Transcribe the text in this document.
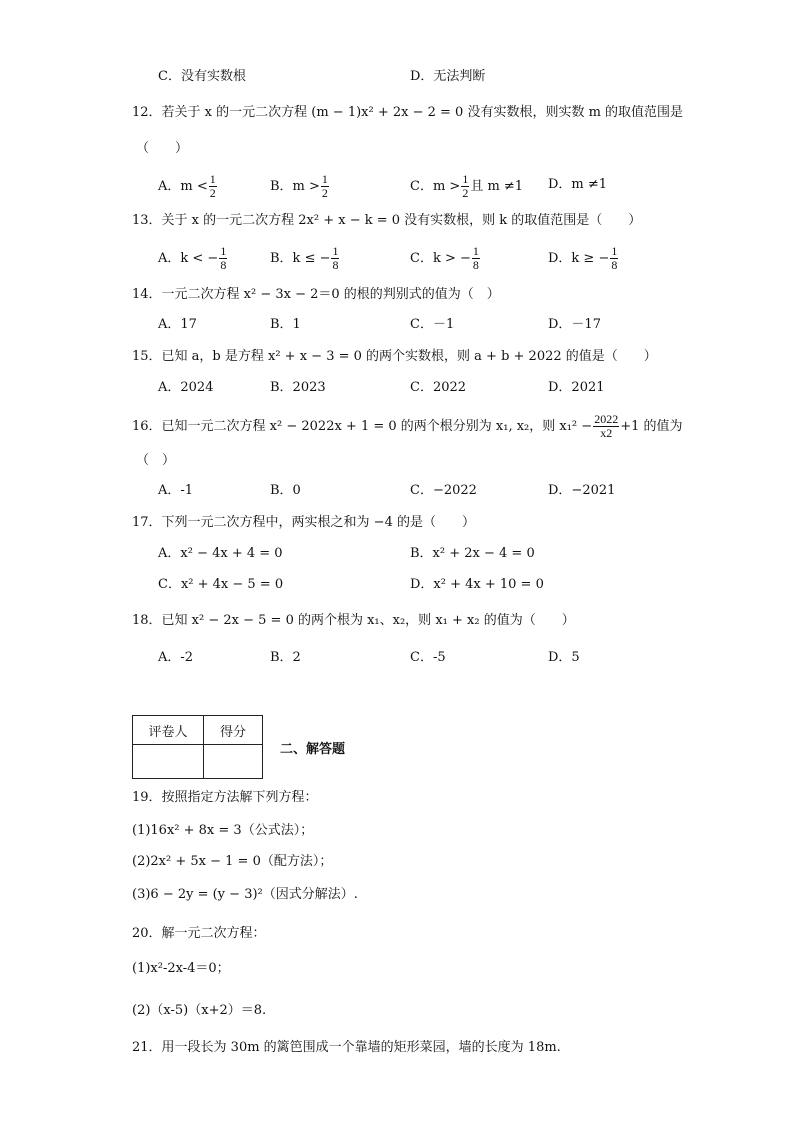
C．没有实数根	D．无法判断
12．若关于 x 的一元二次方程 (m − 1)x² + 2x − 2 = 0 没有实数根，则实数 m 的取值范围是
（　　）
A．$m < \frac{1}{2}$	B．$m > \frac{1}{2}$	C．$m > \frac{1}{2}$ 且 m ≠1 D．m ≠1
13．关于 x 的一元二次方程 2x² + x − k = 0 没有实数根，则 k 的取值范围是（　　）
A．k < − $\frac{1}{8}$	B．k ≤ − $\frac{1}{8}$	C．k > − $\frac{1}{8}$	D．k ≥ − $\frac{1}{8}$
14．一元二次方程 x² − 3x − 2＝0 的根的判别式的值为（　）
A．17	B．1	C．－1	D．－17
15．已知 a，b 是方程 x² + x − 3 = 0 的两个实数根，则 a + b + 2022 的值是（　　）
A．2024	B．2023	C．2022	D．2021
16．已知一元二次方程 x² − 2022x + 1 = 0 的两个根分别为 x₁, x₂，则 $x_1^2 - \frac{2022}{x2} +1$ 的值为
（　）
A．-1	B．0	C．−2022	D．−2021
17．下列一元二次方程中，两实根之和为 −4 的是（　　）
A．x² − 4x + 4 = 0	B．x² + 2x − 4 = 0
C．x² + 4x − 5 = 0	D．x² + 4x + 10 = 0
18．已知 x² − 2x − 5 = 0 的两个根为 x₁、x₂，则 x₁ + x₂ 的值为（　　）
A．-2	B．2	C．-5	D．5
评卷人	得分

二、解答题
19．按照指定方法解下列方程：
(1)16x² + 8x = 3（公式法）；
(2)2x² + 5x − 1 = 0（配方法）；
(3)6 − 2y = (y − 3)²（因式分解法）.
20．解一元二次方程：
(1)x²-2x-4＝0；
(2)（x-5)（x+2）＝8.
21．用一段长为 30m 的篱笆围成一个靠墙的矩形菜园，墙的长度为 18m.
